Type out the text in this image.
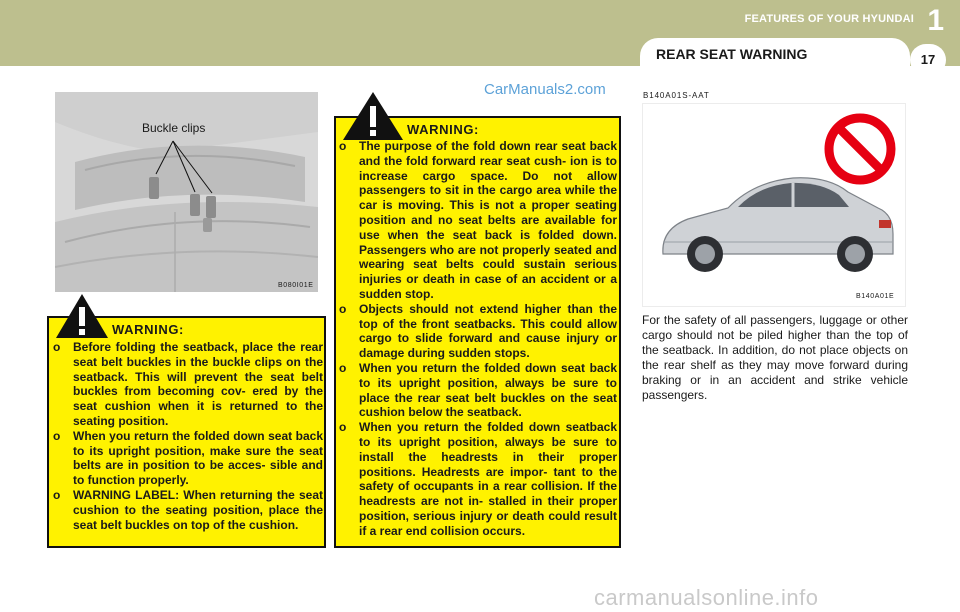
FEATURES OF YOUR HYUNDAI 1
REAR SEAT WARNING	17
CarManuals2.com
Buckle clips
B080I01E
WARNING:
o Before folding the seatback, place the rear seat belt buckles in the buckle clips on the seatback. This will prevent the seat belt buckles from becoming cov- ered by the seat cushion when it is returned to the seating position.
o When you return the folded down seat back to its upright position, make sure the seat belts are in position to be acces- sible and to function properly.
o WARNING LABEL: When returning the seat cushion to the seating position, place the seat belt buckles on top of the cushion.
WARNING:
o The purpose of the fold down rear seat back and the fold forward rear seat cush- ion is to increase cargo space. Do not allow passengers to sit in the cargo area while the car is moving. This is not a proper seating position and no seat belts are available for use when the seat back is folded down. Passengers who are not properly seated and wearing seat belts could sustain serious injuries or death in case of an accident or a sudden stop.
o Objects should not extend higher than the top of the front seatbacks. This could allow cargo to slide forward and cause injury or damage during sudden stops.
o When you return the folded down seat back to its upright position, always be sure to place the rear seat belt buckles on the seat cushion below the seatback.
o When you return the folded down seatback to its upright position, always be sure to install the headrests in their proper positions. Headrests are impor- tant to the safety of occupants in a rear collision. If the headrests are not in- stalled in their proper position, serious injury or death could result if a rear end collision occurs.
B140A01S-AAT
B140A01E
For the safety of all passengers, luggage or other cargo should not be piled higher than the top of the seatback. In addition, do not place objects on the rear shelf as they may move forward during braking or in an accident and strike vehicle passengers.
carmanualsonline.info
